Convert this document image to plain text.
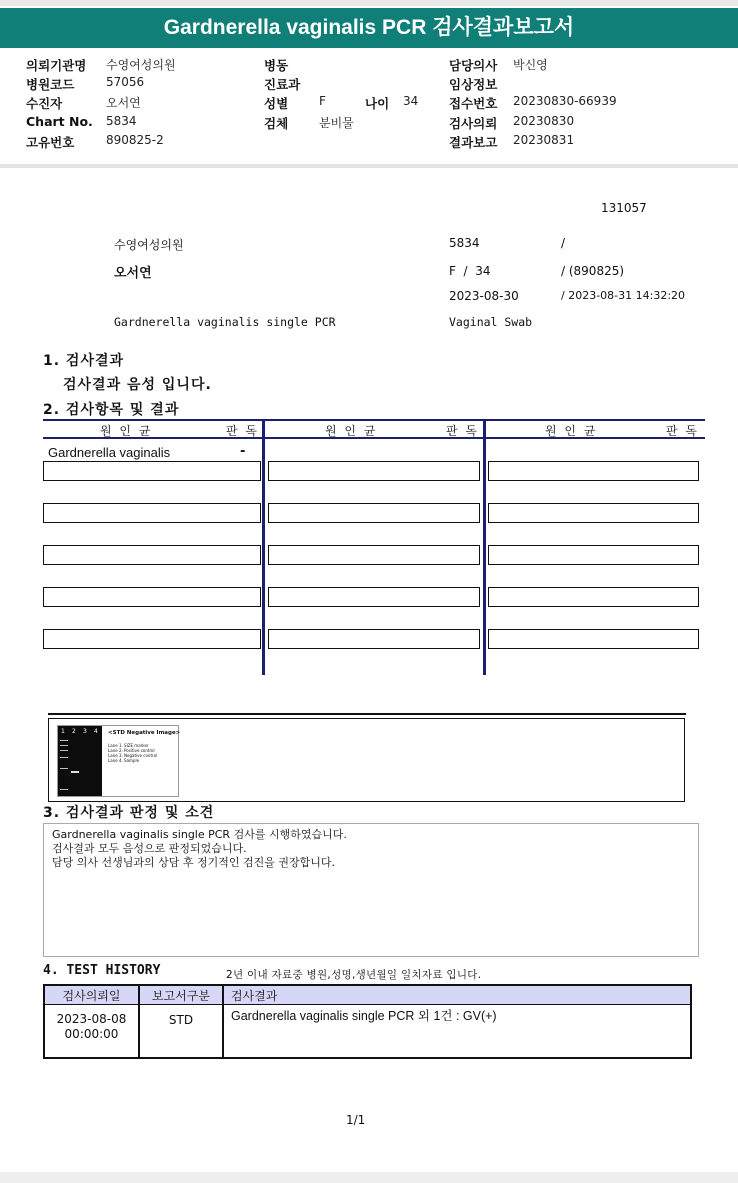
Gardnerella vaginalis PCR 검사결과보고서
의뢰기관명 수영여성의원
병원코드	57056
수진자	오서연
Chart No. 5834
고유번호	890825-2
병동
진료과
성별	F	나이 34
검체	분비물
담당의사 박신영
임상정보
접수번호 20230830-66939
검사의뢰 20230830
결과보고 20230831
131057
수영여성의원	5834	/
오서연	F  /  34	/ (890825)
2023-08-30	/ 2023-08-31 14:32:20
Gardnerella vaginalis single PCR	Vaginal Swab
1. 검사결과
검사결과 음성 입니다.
2. 검사항목 및 결과
원 인 균	판 독	원 인 균	판 독	원 인 균	판 독
Gardnerella vaginalis	-
1 2 3 4 <STD Negative Image>
Lane 1. SIZE marker
Lane 2. Positive control
Lane 3. Negative control
Lane 4. Sample
3. 검사결과 판정 및 소견
Gardnerella vaginalis single PCR 검사를 시행하였습니다.
검사결과 모두 음성으로 판정되었습니다.
담당 의사 선생님과의 상담 후 정기적인 검진을 권장합니다.
4. TEST HISTORY	2년 이내 자료중 병원,성명,생년월일 일치자료 입니다.
검사의뢰일	보고서구분	검사결과
2023-08-08
00:00:00
STD	Gardnerella vaginalis single PCR 외 1건 : GV(+)
1/1
